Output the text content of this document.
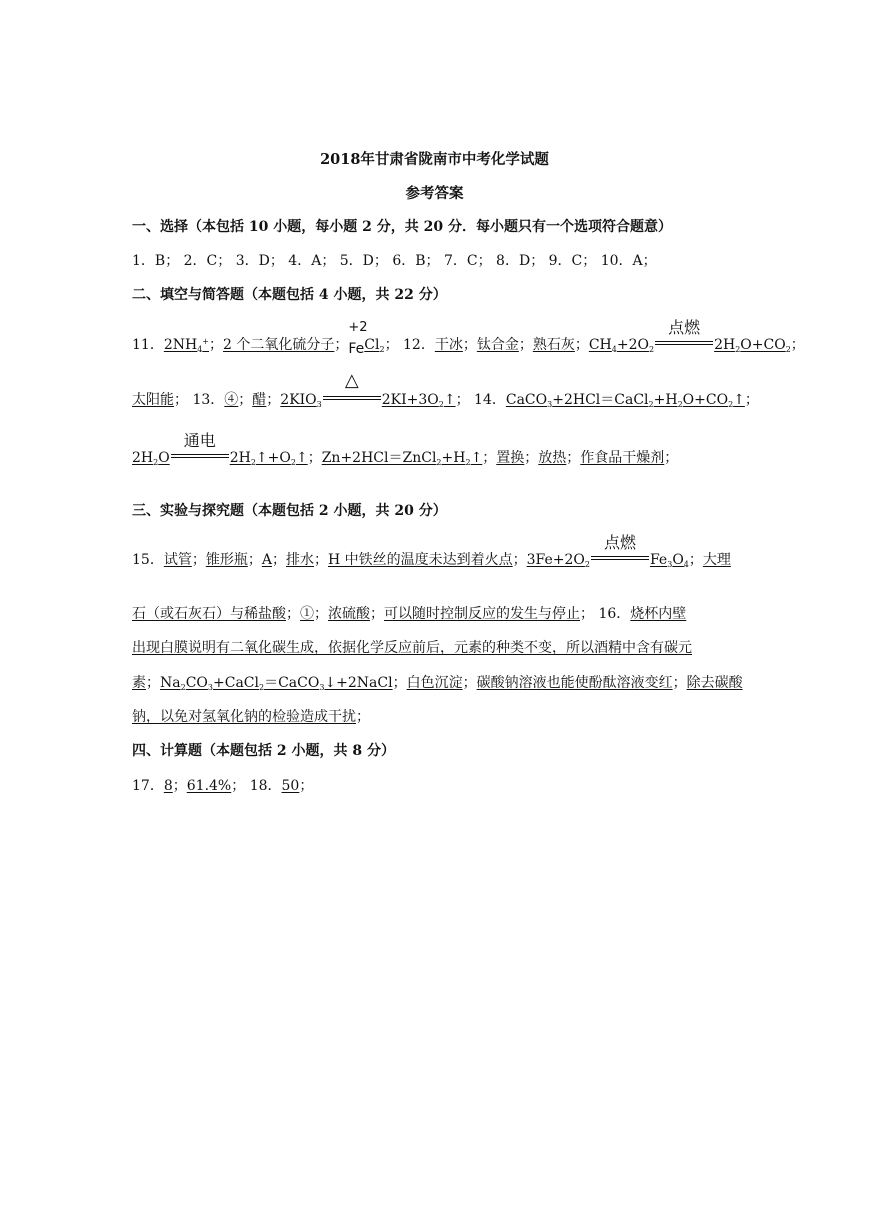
2018年甘肃省陇南市中考化学试题
参考答案
一、选择（本包括 10 小题，每小题 2 分，共 20 分．每小题只有一个选项符合题意）
1．B； 2．C； 3．D； 4．A； 5．D； 6．B； 7．C； 8．D； 9．C； 10．A；
二、填空与简答题（本题包括 4 小题，共 22 分）
11．$2NH_4^+$；2 个二氧化硫分子；
+2
FeCl$_2$； 12．干冰；钛合金；熟石灰；$CH_4+2O_2$
点燃
$2H_2O+CO_2$；
太阳能； 13．④；醋；$2KIO_3$
△
$2KI+3O_2↑$； 14．$CaCO_3+2HCl=CaCl_2+H_2O+CO_2↑$；
$2H_2O$
通电
$2H_2↑+O_2↑$；$Zn+2HCl=ZnCl_2+H_2↑$；置换；放热；作食品干燥剂；
三、实验与探究题（本题包括 2 小题，共 20 分）
15．试管；锥形瓶；A；排水；H 中铁丝的温度未达到着火点；$3Fe+2O_2$
点燃
$Fe_3O_4$；大理
石（或石灰石）与稀盐酸；①；浓硫酸；可以随时控制反应的发生与停止； 16．烧杯内壁
出现白膜说明有二氧化碳生成，依据化学反应前后，元素的种类不变，所以酒精中含有碳元
素；$Na_2CO_3+CaCl_2=CaCO_3↓+2NaCl$；白色沉淀；碳酸钠溶液也能使酚酞溶液变红；除去碳酸
钠，以免对氢氧化钠的检验造成干扰；
四、计算题（本题包括 2 小题，共 8 分）
17．8；61.4%； 18．50；
